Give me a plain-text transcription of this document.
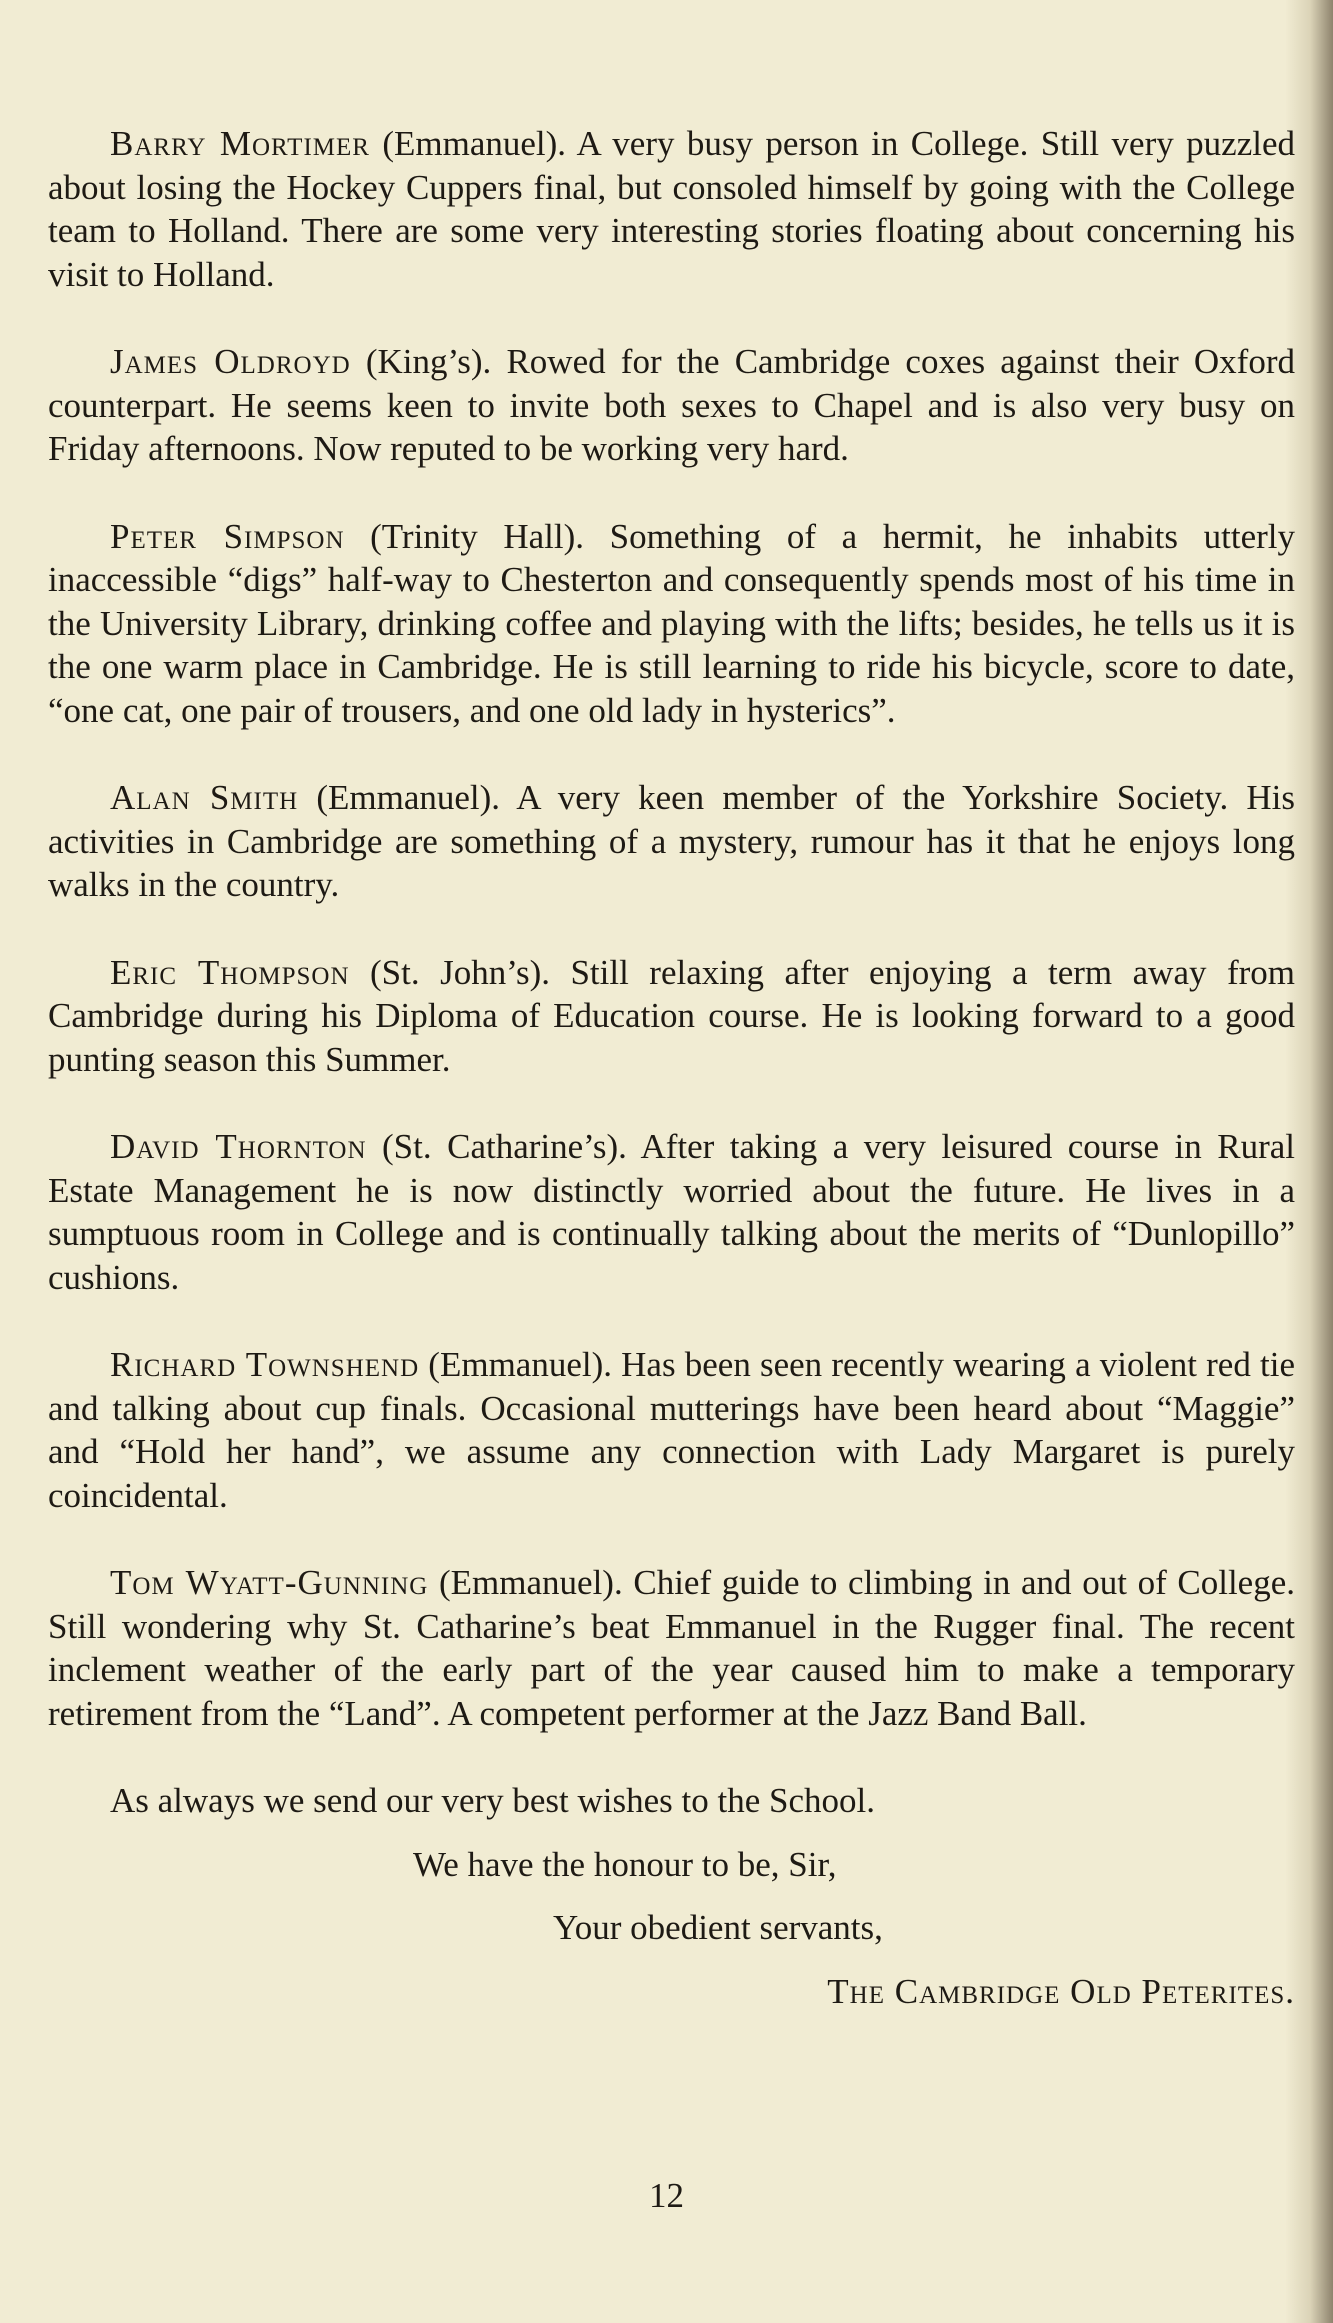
Barry Mortimer (Emmanuel). A very busy person in College. Still very puzzled about losing the Hockey Cuppers final, but consoled himself by going with the College team to Holland. There are some very interesting stories floating about concerning his visit to Holland.

James Oldroyd (King’s). Rowed for the Cambridge coxes against their Oxford counterpart. He seems keen to invite both sexes to Chapel and is also very busy on Friday afternoons. Now reputed to be working very hard.

Peter Simpson (Trinity Hall). Something of a hermit, he inhabits utterly inaccessible “digs” half-way to Chesterton and consequently spends most of his time in the University Library, drinking coffee and playing with the lifts; besides, he tells us it is the one warm place in Cambridge. He is still learning to ride his bicycle, score to date, “one cat, one pair of trousers, and one old lady in hysterics”.

Alan Smith (Emmanuel). A very keen member of the Yorkshire Society. His activities in Cambridge are something of a mystery, rumour has it that he enjoys long walks in the country.

Eric Thompson (St. John’s). Still relaxing after enjoying a term away from Cambridge during his Diploma of Education course. He is looking forward to a good punting season this Summer.

David Thornton (St. Catharine’s). After taking a very leisured course in Rural Estate Management he is now distinctly worried about the future. He lives in a sumptuous room in College and is continually talking about the merits of “Dunlopillo” cushions.

Richard Townshend (Emmanuel). Has been seen recently wearing a violent red tie and talking about cup finals. Occasional mutterings have been heard about “Maggie” and “Hold her hand”, we assume any connection with Lady Margaret is purely coincidental.

Tom Wyatt-Gunning (Emmanuel). Chief guide to climbing in and out of College. Still wondering why St. Catharine’s beat Emmanuel in the Rugger final. The recent inclement weather of the early part of the year caused him to make a temporary retirement from the “Land”. A competent performer at the Jazz Band Ball.

As always we send our very best wishes to the School.

We have the honour to be, Sir,

Your obedient servants,

The Cambridge Old Peterites.

12
